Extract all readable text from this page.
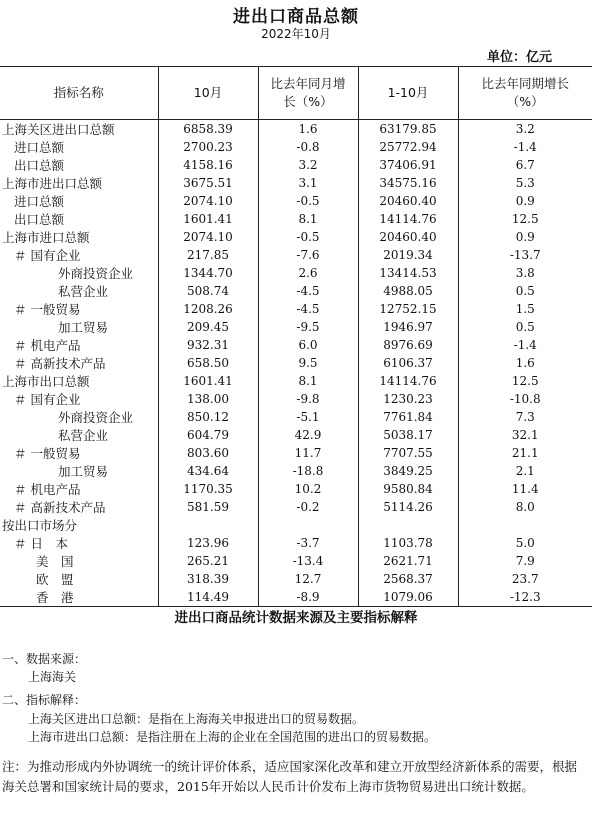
进出口商品总额
2022年10月
单位：亿元
指标名称	10月	比去年同月增长（%）	1-10月	比去年同期增长（%）
上海关区进出口总额	6858.39	1.6	63179.85	3.2
进口总额	2700.23	-0.8	25772.94	-1.4
出口总额	4158.16	3.2	37406.91	6.7
上海市进出口总额	3675.51	3.1	34575.16	5.3
进口总额	2074.10	-0.5	20460.40	0.9
出口总额	1601.41	8.1	14114.76	12.5
上海市进口总额	2074.10	-0.5	20460.40	0.9
＃ 国有企业	217.85	-7.6	2019.34	-13.7
外商投资企业	1344.70	2.6	13414.53	3.8
私营企业	508.74	-4.5	4988.05	0.5
＃ 一般贸易	1208.26	-4.5	12752.15	1.5
加工贸易	209.45	-9.5	1946.97	0.5
＃ 机电产品	932.31	6.0	8976.69	-1.4
＃ 高新技术产品	658.50	9.5	6106.37	1.6
上海市出口总额	1601.41	8.1	14114.76	12.5
＃ 国有企业	138.00	-9.8	1230.23	-10.8
外商投资企业	850.12	-5.1	7761.84	7.3
私营企业	604.79	42.9	5038.17	32.1
＃ 一般贸易	803.60	11.7	7707.55	21.1
加工贸易	434.64	-18.8	3849.25	2.1
＃ 机电产品	1170.35	10.2	9580.84	11.4
＃ 高新技术产品	581.59	-0.2	5114.26	8.0
按出口市场分				
＃ 日　本	123.96	-3.7	1103.78	5.0
美　国	265.21	-13.4	2621.71	7.9
欧　盟	318.39	12.7	2568.37	23.7
香　港	114.49	-8.9	1079.06	-12.3
进出口商品统计数据来源及主要指标解释
一、数据来源：
上海海关
二、指标解释：
上海关区进出口总额：是指在上海海关申报进出口的贸易数据。
上海市进出口总额：是指注册在上海的企业在全国范围的进出口的贸易数据。
注：为推动形成内外协调统一的统计评价体系，适应国家深化改革和建立开放型经济新体系的需要，根据海关总署和国家统计局的要求，2015年开始以人民币计价发布上海市货物贸易进出口统计数据。
